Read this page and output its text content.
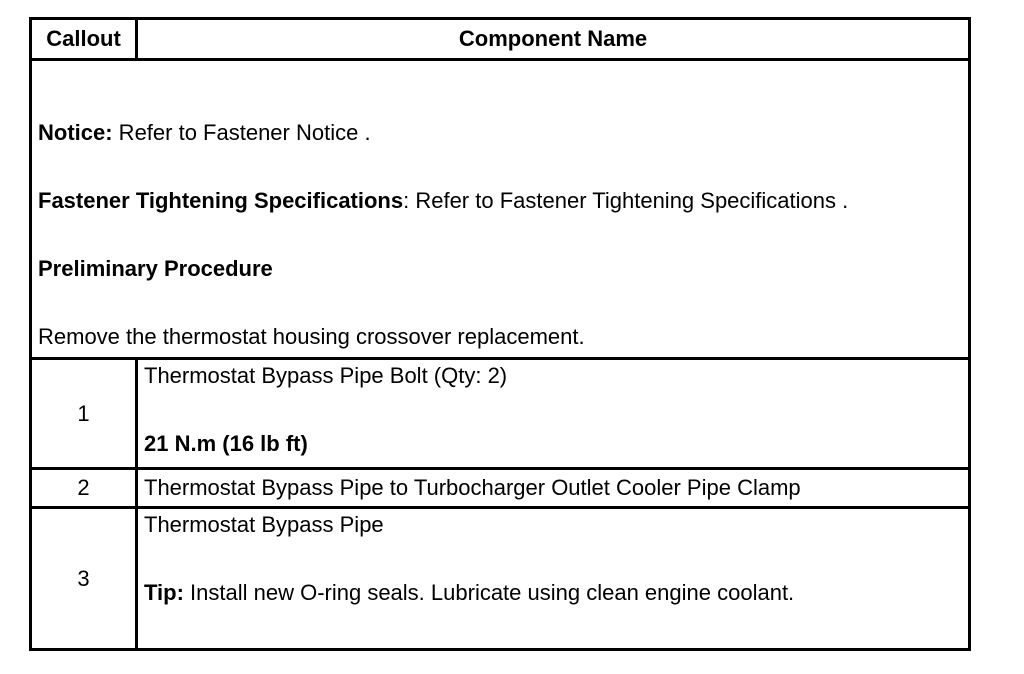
Callout	Component Name

Notice: Refer to Fastener Notice .

Fastener Tightening Specifications: Refer to Fastener Tightening Specifications .

Preliminary Procedure

Remove the thermostat housing crossover replacement.	

1	Thermostat Bypass Pipe Bolt (Qty: 2)

21 N.m (16 lb ft)

2	Thermostat Bypass Pipe to Turbocharger Outlet Cooler Pipe Clamp

3	Thermostat Bypass Pipe

Tip: Install new O-ring seals. Lubricate using clean engine coolant.
